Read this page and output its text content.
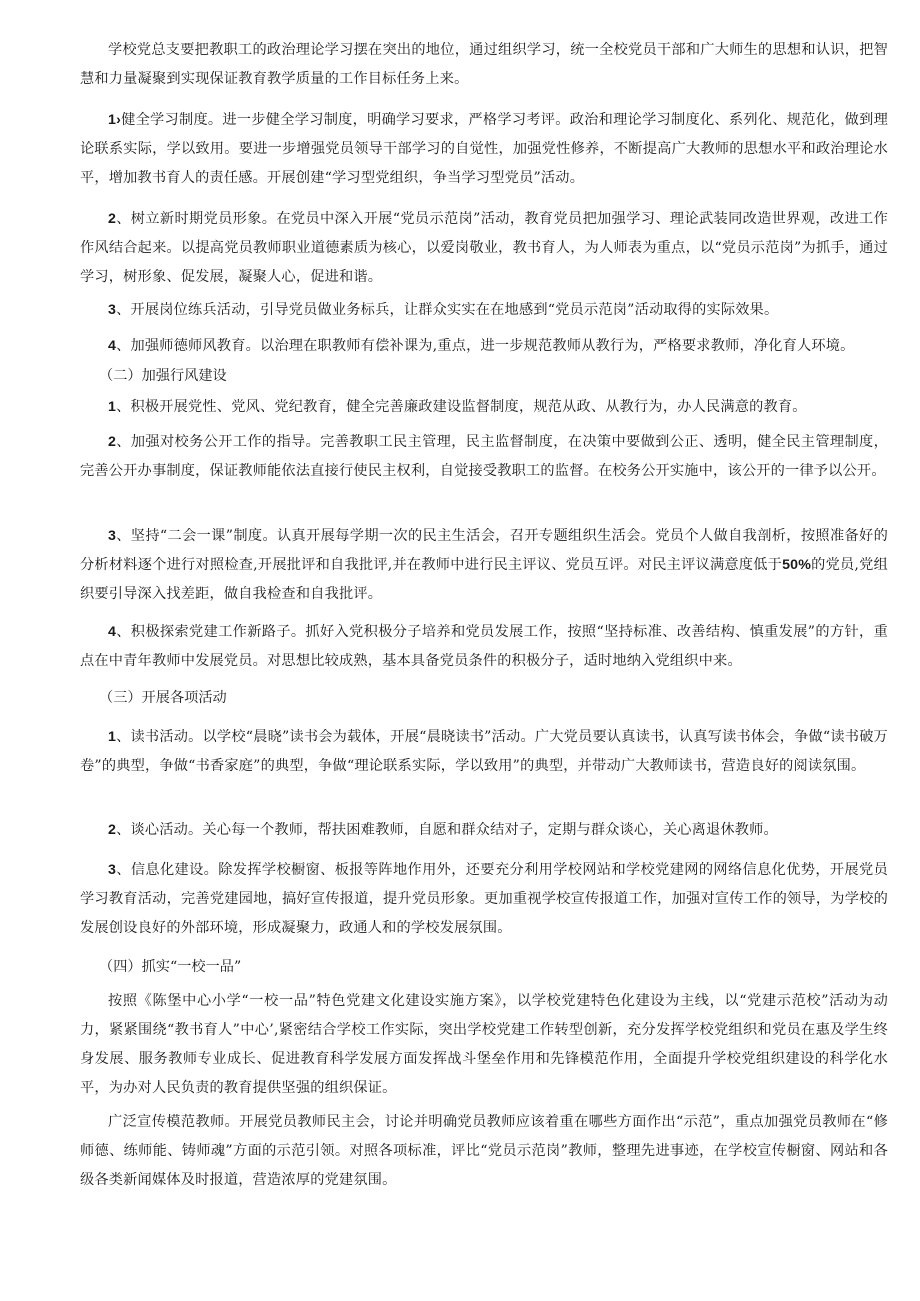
学校党总支要把教职工的政治理论学习摆在突出的地位，通过组织学习，统一全校党员干部和广大师生的思想和认识，把智慧和力量凝聚到实现保证教育教学质量的工作目标任务上来。

1›健全学习制度。进一步健全学习制度，明确学习要求，严格学习考评。政治和理论学习制度化、系列化、规范化，做到理论联系实际，学以致用。要进一步增强党员领导干部学习的自觉性，加强党性修养，不断提高广大教师的思想水平和政治理论水平，增加教书育人的责任感。开展创建“学习型党组织，争当学习型党员”活动。

2、树立新时期党员形象。在党员中深入开展“党员示范岗”活动，教育党员把加强学习、理论武装同改造世界观，改进工作作风结合起来。以提高党员教师职业道德素质为核心，以爱岗敬业，教书育人，为人师表为重点，以“党员示范岗”为抓手，通过学习，树形象、促发展，凝聚人心，促进和谐。

3、开展岗位练兵活动，引导党员做业务标兵，让群众实实在在地感到“党员示范岗”活动取得的实际效果。

4、加强师德师风教育。以治理在职教师有偿补课为,重点，进一步规范教师从教行为，严格要求教师，净化育人环境。

（二）加强行风建设

1、积极开展党性、党风、党纪教育，健全完善廉政建设监督制度，规范从政、从教行为，办人民满意的教育。

2、加强对校务公开工作的指导。完善教职工民主管理，民主监督制度，在决策中要做到公正、透明，健全民主管理制度，完善公开办事制度，保证教师能依法直接行使民主权利，自觉接受教职工的监督。在校务公开实施中，该公开的一律予以公开。

3、坚持“二会一课”制度。认真开展每学期一次的民主生活会，召开专题组织生活会。党员个人做自我剖析，按照准备好的分析材料逐个进行对照检查,开展批评和自我批评,并在教师中进行民主评议、党员互评。对民主评议满意度低于50%的党员,党组织要引导深入找差距，做自我检查和自我批评。

4、积极探索党建工作新路子。抓好入党积极分子培养和党员发展工作，按照“坚持标准、改善结构、慎重发展”的方针，重点在中青年教师中发展党员。对思想比较成熟，基本具备党员条件的积极分子，适时地纳入党组织中来。

（三）开展各项活动

1、读书活动。以学校“晨晓”读书会为载体，开展“晨晓读书”活动。广大党员要认真读书，认真写读书体会，争做“读书破万卷”的典型，争做“书香家庭”的典型，争做“理论联系实际，学以致用”的典型，并带动广大教师读书，营造良好的阅读氛围。

2、谈心活动。关心每一个教师，帮扶困难教师，自愿和群众结对子，定期与群众谈心，关心离退休教师。

3、信息化建设。除发挥学校橱窗、板报等阵地作用外，还要充分利用学校网站和学校党建网的网络信息化优势，开展党员学习教育活动，完善党建园地，搞好宣传报道，提升党员形象。更加重视学校宣传报道工作，加强对宣传工作的领导，为学校的发展创设良好的外部环境，形成凝聚力，政通人和的学校发展氛围。

（四）抓实“一校一品”

按照《陈堡中心小学“一校一品”特色党建文化建设实施方案》，以学校党建特色化建设为主线，以“党建示范校”活动为动力，紧紧围绕“教书育人”中心’,紧密结合学校工作实际，突出学校党建工作转型创新，充分发挥学校党组织和党员在惠及学生终身发展、服务教师专业成长、促进教育科学发展方面发挥战斗堡垒作用和先锋模范作用，全面提升学校党组织建设的科学化水平，为办对人民负责的教育提供坚强的组织保证。

广泛宣传模范教师。开展党员教师民主会，讨论并明确党员教师应该着重在哪些方面作出“示范”，重点加强党员教师在“修师德、练师能、铸师魂”方面的示范引领。对照各项标准，评比“党员示范岗”教师，整理先进事迹，在学校宣传橱窗、网站和各级各类新闻媒体及时报道，营造浓厚的党建氛围。
